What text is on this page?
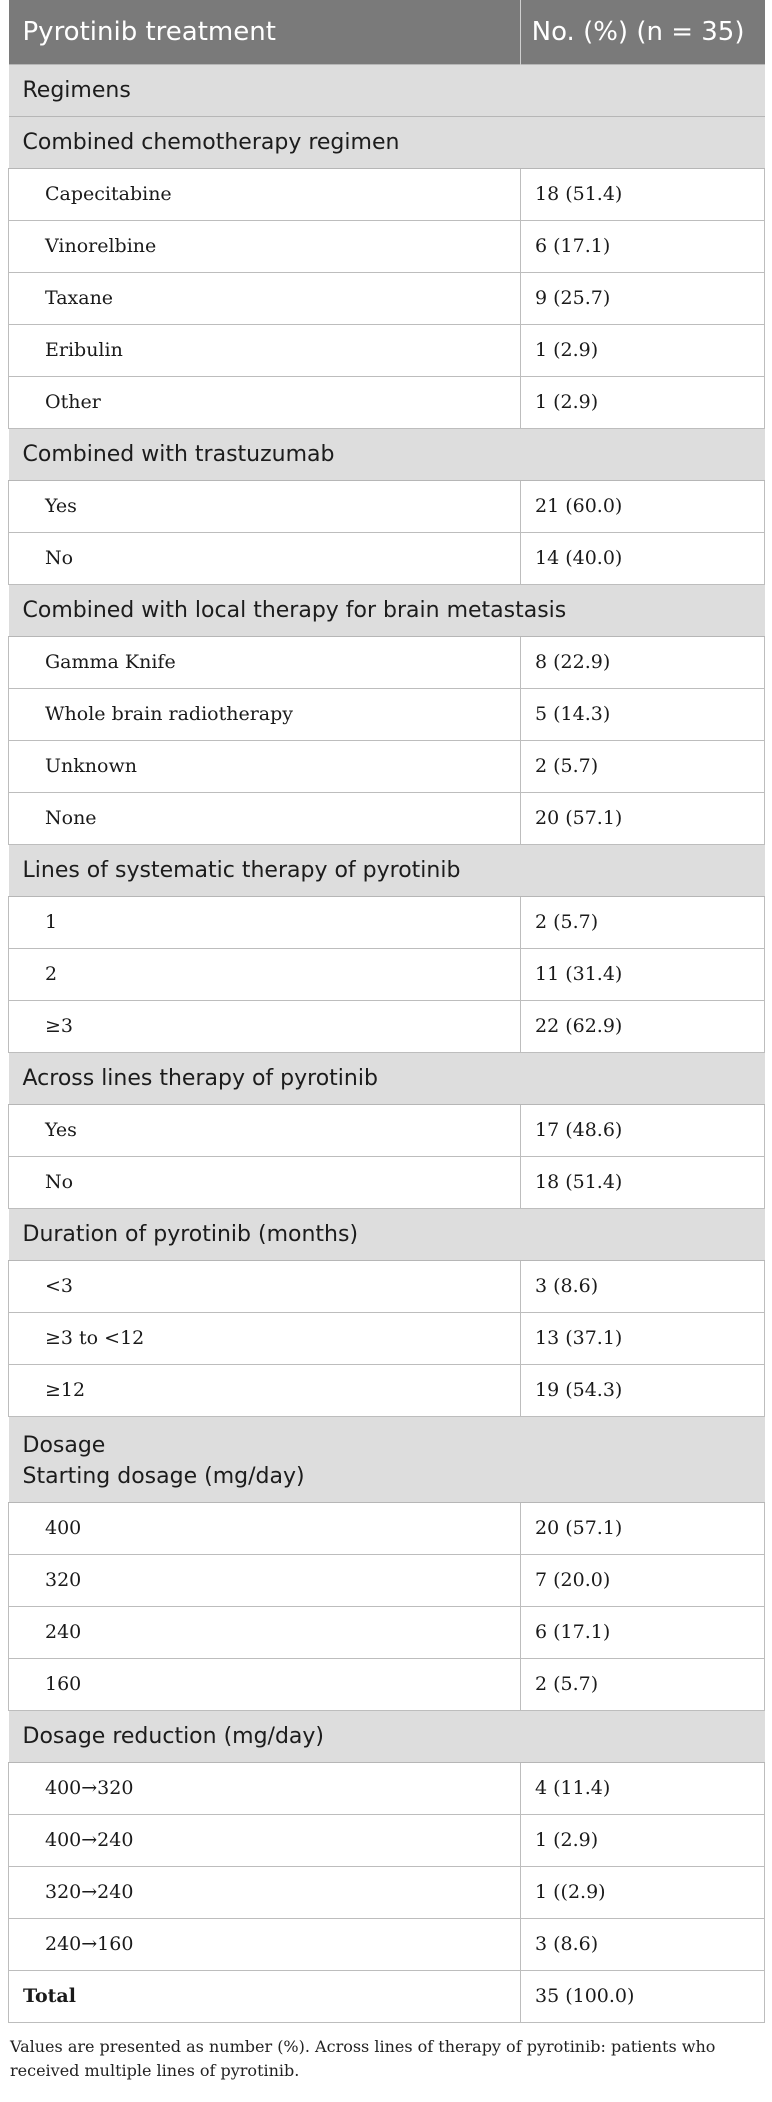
Pyrotinib treatment	No. (%) (n = 35)
Regimens	
Combined chemotherapy regimen	
Capecitabine	18 (51.4)
Vinorelbine	6 (17.1)
Taxane	9 (25.7)
Eribulin	1 (2.9)
Other	1 (2.9)
Combined with trastuzumab	
Yes	21 (60.0)
No	14 (40.0)
Combined with local therapy for brain metastasis	
Gamma Knife	8 (22.9)
Whole brain radiotherapy	5 (14.3)
Unknown	2 (5.7)
None	20 (57.1)
Lines of systematic therapy of pyrotinib	
1	2 (5.7)
2	11 (31.4)
≥3	22 (62.9)
Across lines therapy of pyrotinib	
Yes	17 (48.6)
No	18 (51.4)
Duration of pyrotinib (months)	
<3	3 (8.6)
≥3 to <12	13 (37.1)
≥12	19 (54.3)
Dosage
Starting dosage (mg/day)	
400	20 (57.1)
320	7 (20.0)
240	6 (17.1)
160	2 (5.7)
Dosage reduction (mg/day)	
400→320	4 (11.4)
400→240	1 (2.9)
320→240	1 ((2.9)
240→160	3 (8.6)
Total	35 (100.0)
Values are presented as number (%). Across lines of therapy of pyrotinib: patients who received multiple lines of pyrotinib.
